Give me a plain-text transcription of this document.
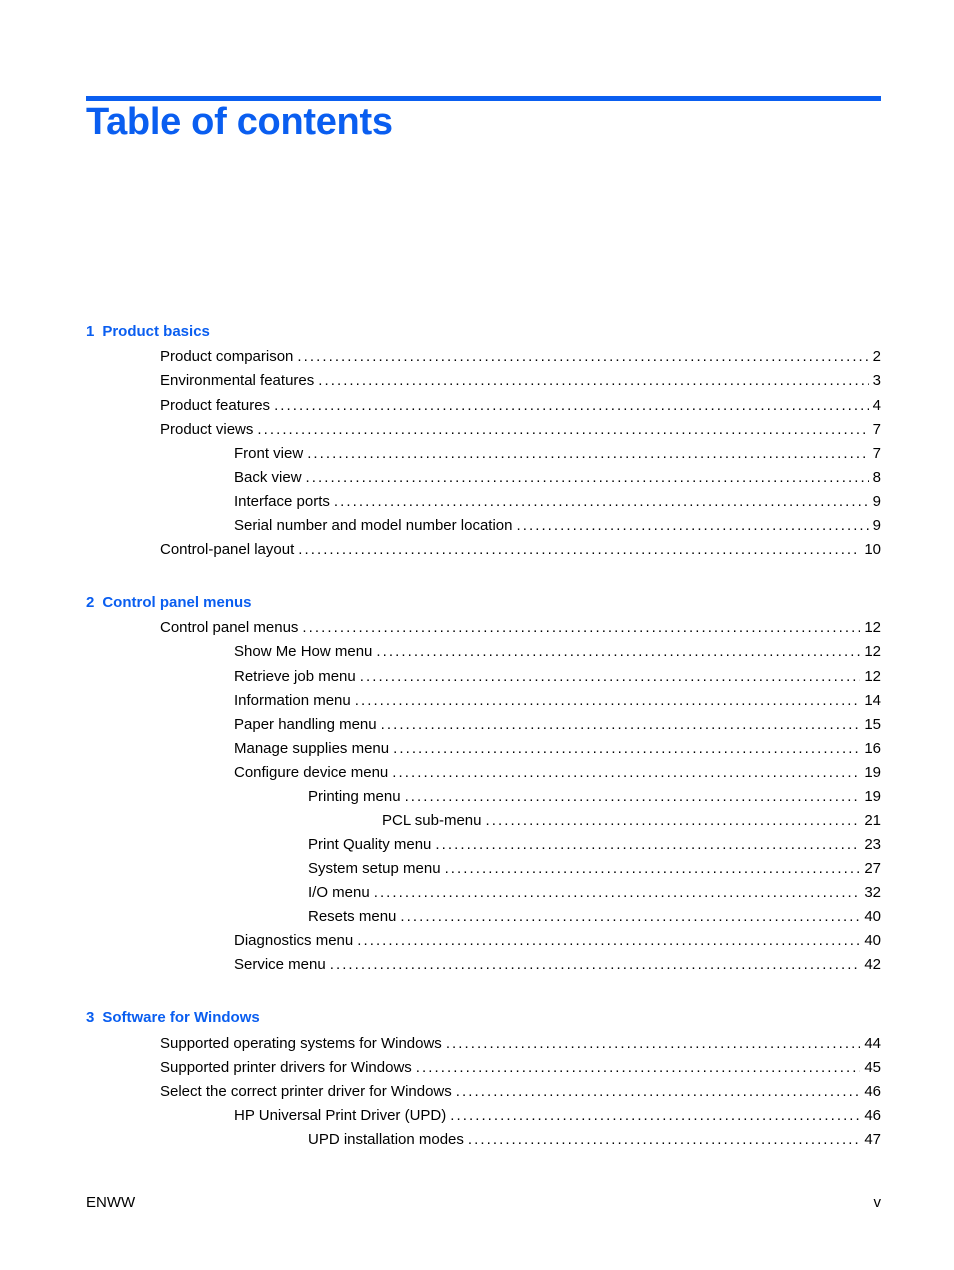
Table of contents
1 Product basics
Product comparison . . .	2
Environmental features . . .	3
Product features . . .	4
Product views . . .	7
Front view . . .	7
Back view . . .	8
Interface ports . . .	9
Serial number and model number location . . .	9
Control-panel layout . . .	10
2 Control panel menus
Control panel menus . . .	12
Show Me How menu . . .	12
Retrieve job menu . . .	12
Information menu . . .	14
Paper handling menu . . .	15
Manage supplies menu . . .	16
Configure device menu . . .	19
Printing menu . . .	19
PCL sub-menu . . .	21
Print Quality menu . . .	23
System setup menu . . .	27
I/O menu . . .	32
Resets menu . . .	40
Diagnostics menu . . .	40
Service menu . . .	42
3 Software for Windows
Supported operating systems for Windows . . .	44
Supported printer drivers for Windows . . .	45
Select the correct printer driver for Windows . . .	46
HP Universal Print Driver (UPD) . . .	46
UPD installation modes . . .	47
ENWW	v
